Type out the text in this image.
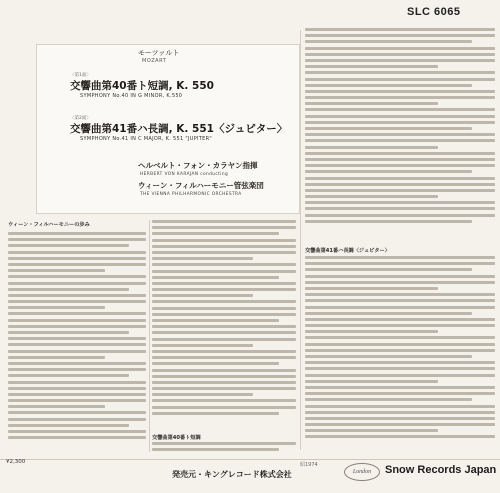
SLC 6065
モーツァルト
MOZART
〈第1面〉
交響曲第40番ト短調, K. 550
SYMPHONY No.40 IN G MINOR, K.550
〈第2面〉
交響曲第41番ハ長調, K. 551〈ジュピター〉
SYMPHONY No.41 IN C MAJOR, K. 551 "JUPITER"
ヘルベルト・フォン・カラヤン指揮
HERBERT VON KARAJAN conducting
ウィーン・フィルハーモニー管弦楽団
THE VIENNA PHILHARMONIC ORCHESTRA
交響曲第41番ハ長調〈ジュピター〉
ウィーン・フィルハーモニーの歩み
交響曲第40番ト短調
¥2,300
発売元・キングレコード株式会社
昭1974
London Snow Records Japan
